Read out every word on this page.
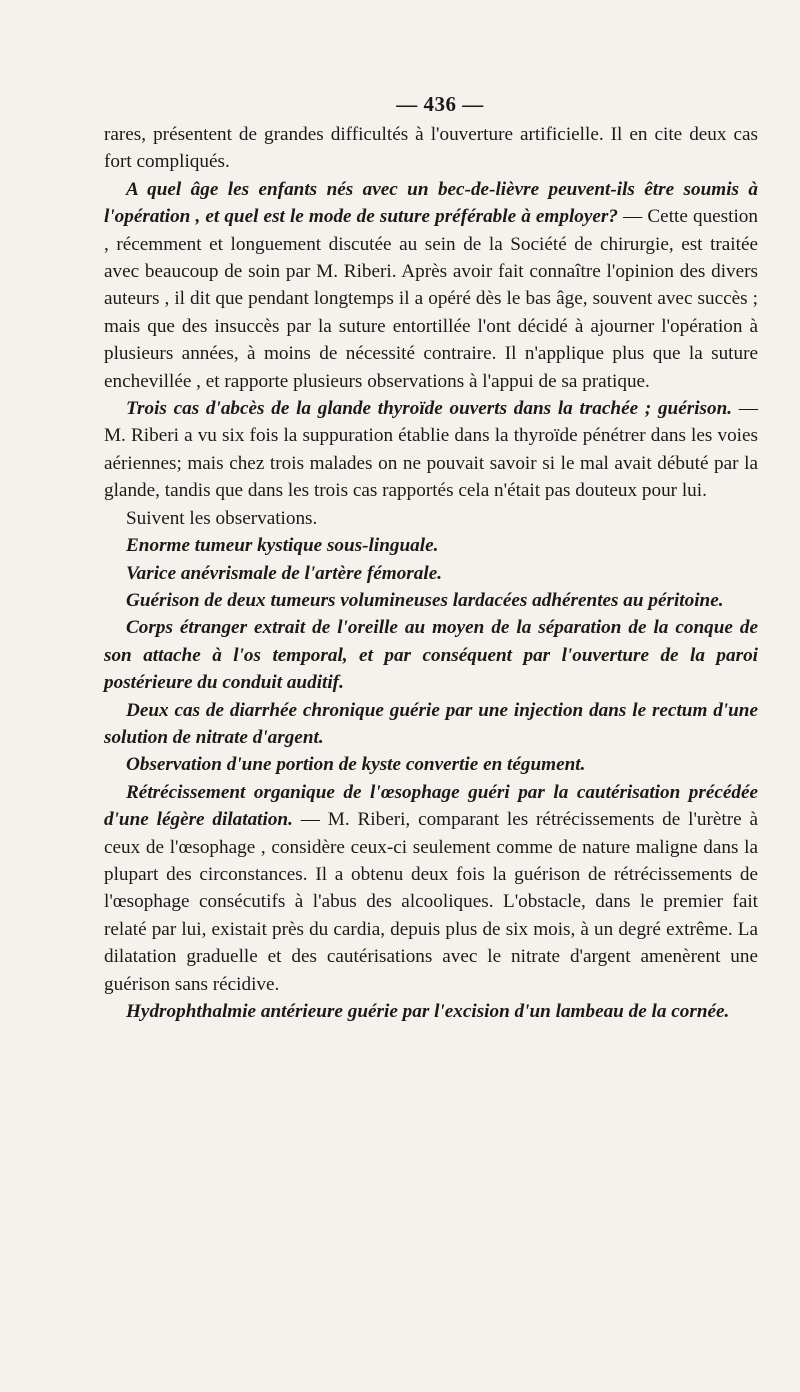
— 436 —

rares, présentent de grandes difficultés à l'ouverture artificielle. Il en cite deux cas fort compliqués.

A quel âge les enfants nés avec un bec-de-lièvre peuvent-ils être soumis à l'opération , et quel est le mode de suture préférable à employer? — Cette question , récemment et longuement discutée au sein de la Société de chirurgie, est traitée avec beaucoup de soin par M. Riberi. Après avoir fait connaître l'opinion des divers auteurs , il dit que pendant longtemps il a opéré dès le bas âge, souvent avec succès ; mais que des insuccès par la suture entortillée l'ont décidé à ajourner l'opération à plusieurs années, à moins de nécessité contraire. Il n'applique plus que la suture enchevillée , et rapporte plusieurs observations à l'appui de sa pratique.

Trois cas d'abcès de la glande thyroïde ouverts dans la trachée ; guérison. — M. Riberi a vu six fois la suppuration établie dans la thyroïde pénétrer dans les voies aériennes; mais chez trois malades on ne pouvait savoir si le mal avait débuté par la glande, tandis que dans les trois cas rapportés cela n'était pas douteux pour lui.

Suivent les observations.

Enorme tumeur kystique sous-linguale.

Varice anévrismale de l'artère fémorale.

Guérison de deux tumeurs volumineuses lardacées adhérentes au péritoine.

Corps étranger extrait de l'oreille au moyen de la séparation de la conque de son attache à l'os temporal, et par conséquent par l'ouverture de la paroi postérieure du conduit auditif.

Deux cas de diarrhée chronique guérie par une injection dans le rectum d'une solution de nitrate d'argent.

Observation d'une portion de kyste convertie en tégument.

Rétrécissement organique de l'œsophage guéri par la cautérisation précédée d'une légère dilatation. — M. Riberi, comparant les rétrécissements de l'urètre à ceux de l'œsophage , considère ceux-ci seulement comme de nature maligne dans la plupart des circonstances. Il a obtenu deux fois la guérison de rétrécissements de l'œsophage consécutifs à l'abus des alcooliques. L'obstacle, dans le premier fait relaté par lui, existait près du cardia, depuis plus de six mois, à un degré extrême. La dilatation graduelle et des cautérisations avec le nitrate d'argent amenèrent une guérison sans récidive.

Hydrophthalmie antérieure guérie par l'excision d'un lambeau de la cornée.
